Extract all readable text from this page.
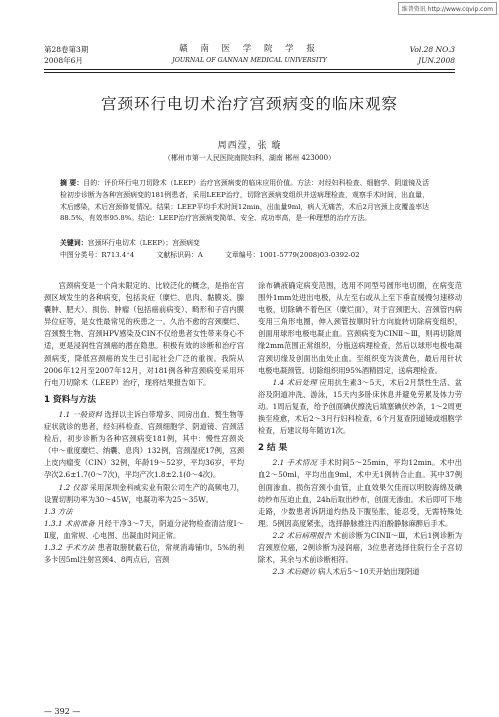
维普资讯 http://www.cqvip.com
第28卷第3期
2008年6月
赣 南 医 学 院 学 报
JOURNAL OF GANNAN MEDICAL UNIVERSITY
Vol.28 NO.3
JUN.2008
宫颈环行电切术治疗宫颈病变的临床观察
周西滢，张 璇
（郴州市第一人民医院南院妇科，湖南 郴州 423000）
摘 要：目的：评价环行电刀切除术（LEEP）治疗宫颈病变的临床应用价值。方法：对经妇科检查、细胞学、阴道镜及活检初步诊断为各种宫颈病变的181例患者，采用LEEP治疗，切除宫颈病变组织并送病理检查，观察手术时间，出血量，术后感染，术后宫颈修复情况。结果：LEEP平均手术时间12min，出血量9ml，病人无痛苦，术后2月宫颈上皮覆盖率达88.5%，有效率95.8%。结论：LEEP治疗宫颈病变简单、安全、成功率高，是一种理想的治疗方法。
关键词：宫颈环行电切术（LEEP）；宫颈病变
中图分类号：R713.4⁺4	文献标识码：A	文章编号：1001-5779(2008)03-0392-02

宫颈病变是一个尚未限定的、比较泛化的概念，是指在宫颈区域发生的各种病变，包括炎症（糜烂、息肉、黏膜炎、腺囊肿、肥大）、损伤、肿瘤（包括癌前病变）、畸形和子宫内膜异位症等，是女性最常见的疾患之一。久治不愈的宫颈糜烂、宫颈赘生物、宫颈HPV感染及CIN不仅给患者女性带来身心不适，更是浸润性宫颈癌的潜在隐患。积极有效的诊断和治疗宫颈病变，降低宫颈癌的发生已引起社会广泛的重视。我院从2006年12月至2007年12月，对181例各种宫颈病变采用环行电刀切除术（LEEP）治疗，现将结果报告如下。

1 资料与方法

1.1 一般资料 选择以主诉白带增多、同房出血、赘生物等症状就诊的患者，经妇科检查、宫颈细胞学、阴道镜、宫颈活检后，初步诊断为各种宫颈病变181例，其中：慢性宫颈炎（中～重度糜烂、纳囊、息肉）132例，宫颈湿疣17例，宫颈上皮内瘤变（CIN）32例，年龄19～52岁，平均36岁，平均孕次2.6±1.7(0～7次)，平均产次1.8±2.1(0～4次)。

1.2 仪器 采用深圳金科威实业有限公司生产的高频电刀，设置切割功率为30～45W，电凝功率为25～35W。

1.3 方法

1.3.1 术前准备 月经干净3～7天，阴道分泌物检查清洁度Ⅰ～Ⅱ度，血常规、心电图、出凝血时间正常。

1.3.2 手术方法 患者取膀胱截石位，常规消毒铺巾，5%的利多卡因5ml注射宫颈4、8两点后，宫颈

涂布碘液确定病变范围，选用不同型号圆形电切圈，在病变范围外1mm处进出电极，从左至右或从上至下垂直缓慢匀速移动电极，切除碘不着色区（糜烂面），对于宫颈肥大、宫颈管内病变用三角形电圈，伸入颈管按顺时针方向旋转切除病变组织，创面用球形电极电凝止血。宫颈病变为CINⅡ～Ⅲ，则再切除周缘2mm范围正常组织，分瓶送病理检查，然后以球形电极电凝宫颈切缘及创面出血处止血。至组织变为淡黄色，最后用针状电极电凝颈管。切除组织用95%酒精固定，送病理检查。

1.4 术后处理 应用抗生素3～5天，术后2月禁性生活、盆浴及阴道冲洗、游泳，15天内多卧床休息并避免劳累及体力劳动。1周后复查，给予创面碘伏擦洗后填塞碘伏纱条，1～2周更换至痊愈，术后2～3月行妇科检查，6个月复查阴道镜或细胞学检查，后建议每年随访1次。

2 结 果

2.1 手术情况 手术时间5～25min，平均12min。术中出血2～50ml，平均出血9ml，术中无1例转合止血。其中37例创面渗血、损伤宫颈小血管，止血效果欠佳而以明胶海绵及碘纺纱布压迫止血，24h后取出纱布，创面无渗血。术后即可下地走路，少数患者诉阴道灼热及下腹坠胀，能忍受，无需特殊处理。5例因高度紧张，选择静脉推注丙泊酚静脉麻醉后手术。

2.2 术后病理报告 术前诊断为CINⅡ～Ⅲ，术后1例诊断为宫颈原位癌，2例诊断为浸润癌，3位患者选择住院行全子宫切除术，其余与术前诊断相符。

2.3 术后随访 病人术后5～10天开始出现阴道

— 392 —
